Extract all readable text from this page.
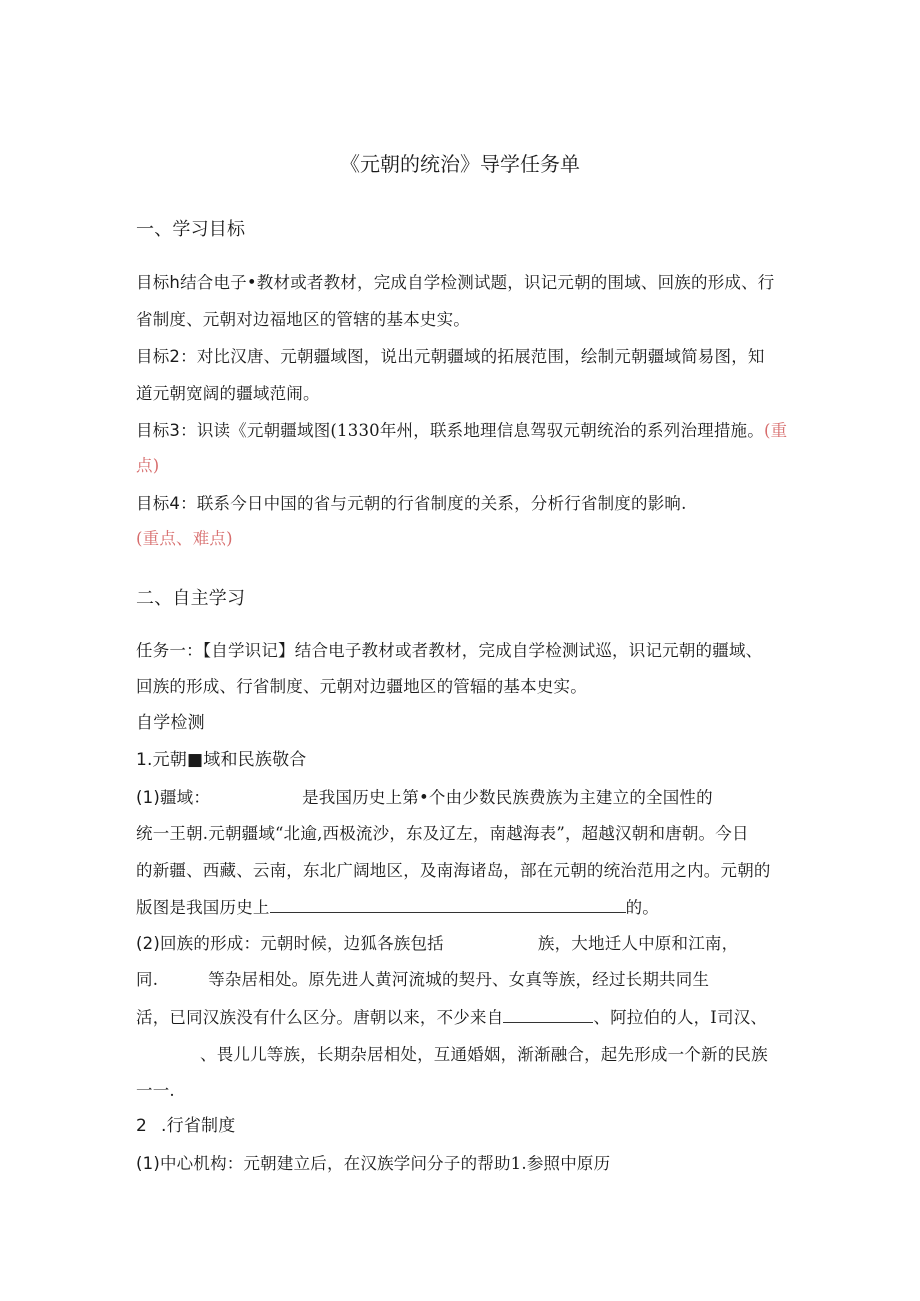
《元朝的统治》导学任务单
一、学习目标
目标h结合电子•教材或者教材，完成自学检测试题，识记元朝的围域、回族的形成、行
省制度、元朝对边福地区的管辖的基本史实。
目标2：对比汉唐、元朝疆域图，说出元朝疆域的拓展范围，绘制元朝疆域简易图，知
道元朝宽阔的疆域范闹。
目标3：识读《元朝疆域图(1330年州，联系地理信息驾驭元朝统治的系列治理措施。(重
点)
目标4：联系今日中国的省与元朝的行省制度的关系，分析行省制度的影晌.
(重点、难点)
二、自主学习
任务一：【自学识记】结合电子教材或者教材，完成自学检测试巡，识记元朝的疆域、
回族的形成、行省制度、元朝对边疆地区的管辐的基本史实。
自学检测
1.元朝■域和民族敬合
(1)疆域：	是我国历史上第•个由少数民族费族为主建立的全国性的
统一王朝.元朝疆域“北逾,西极流沙，东及辽左，南越海表”，超越汉朝和唐朝。今日
的新疆、西藏、云南，东北广阔地区，及南海诸岛，部在元朝的统治范用之内。元朝的
版图是我国历史上	的。
(2)回族的形成：元朝时候，边狐各族包括	族，大地迁人中原和江南，
同.	等杂居相处。原先进人黄河流城的契丹、女真等族，经过长期共同生
活，已同汉族没有什么区分。唐朝以来，不少来自	、阿拉伯的人，I司汉、
、畏儿儿等族，长期杂居相处，互通婚姻，渐渐融合，起先形成一个新的民族
一一.
2 .行省制度
(1)中心机构：元朝建立后，在汉族学问分子的帮助1.参照中原历
